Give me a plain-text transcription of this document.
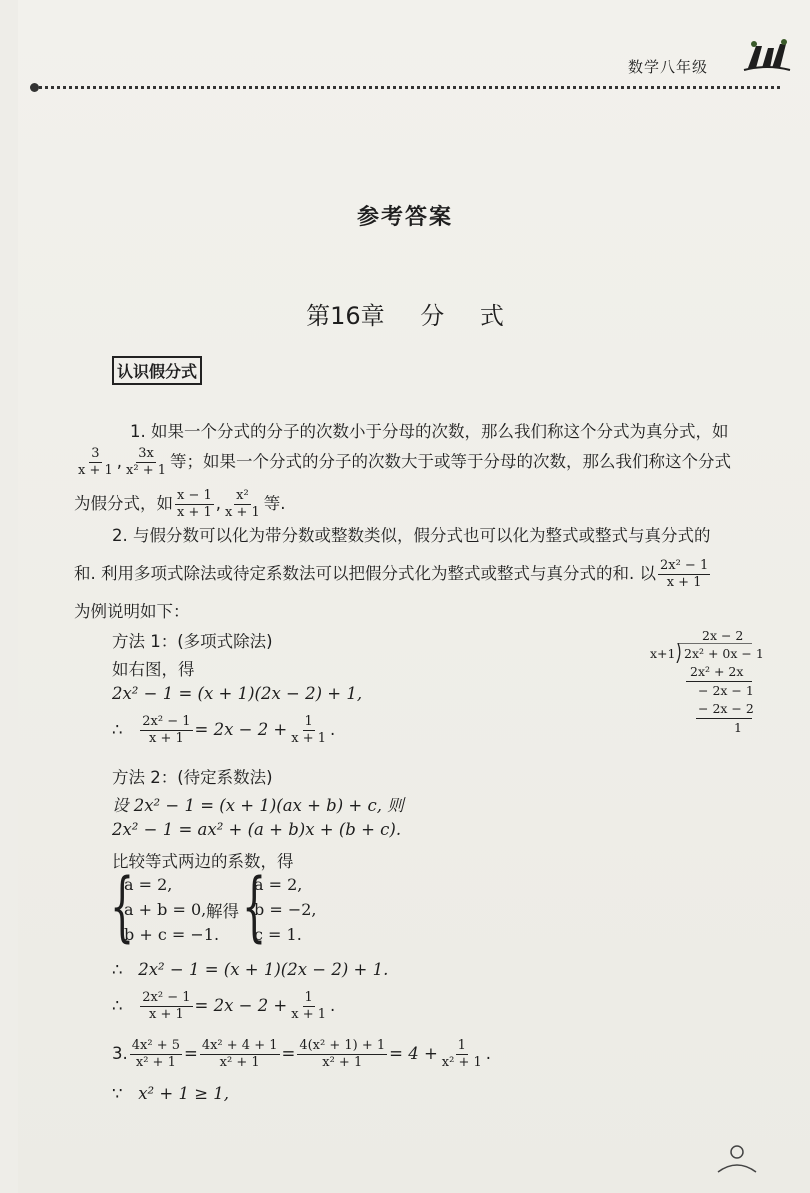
数学八年级
参考答案
第16章 分 式
认识假分式
1. 如果一个分式的分子的次数小于分母的次数，那么我们称这个分式为真分式，如
$\frac{3}{x + 1}$ , $\frac{3x}{\text{x² + 1}}$ 等；如果一个分式的分子的次数大于或等于分母的次数，那么我们称这个分式
为假分式，如 $\frac{x - 1}{x + 1}$ , $\frac{\text{x²}}{x + 1}$ 等.
2. 与假分数可以化为带分数或整数类似，假分式也可以化为整式或整式与真分式的
和. 利用多项式除法或待定系数法可以把假分式化为整式或整式与真分式的和. 以 $\frac{\text{2x² − 1}}{x + 1}$
为例说明如下：
方法 1：(多项式除法)
如右图，得
2x² − 1 = (x + 1)(2x − 2) + 1,
∴ $\frac{\text{2x² − 1}}{x + 1} = 2x - 2 + \frac{1}{x + 1}$ .
2x − 2
x+1 2x² + 0x − 1
2x² + 2x
− 2x − 1
− 2x − 2
1
方法 2：(待定系数法)
设 2x² − 1 = (x + 1)(ax + b) + c, 则
2x² − 1 = ax² + (a + b)x + (b + c).
比较等式两边的系数，得
{
a = 2,
a + b = 0,
b + c = −1.
解得 {
a = 2,
b = −2,
c = 1.
∴ 2x² − 1 = (x + 1)(2x − 2) + 1.
∴ $\frac{\text{2x² − 1}}{x + 1} = 2x - 2 + \frac{1}{x + 1}$ .
3. $\frac{\text{4x² + 5}}{\text{x² + 1}} = \frac{\text{4x² + 4 + 1}}{\text{x² + 1}} = \frac{\text{4(x² + 1) + 1}}{\text{x² + 1}} = 4 + \frac{1}{\text{x² + 1}}$ .
∵ x² + 1 ≥ 1,
